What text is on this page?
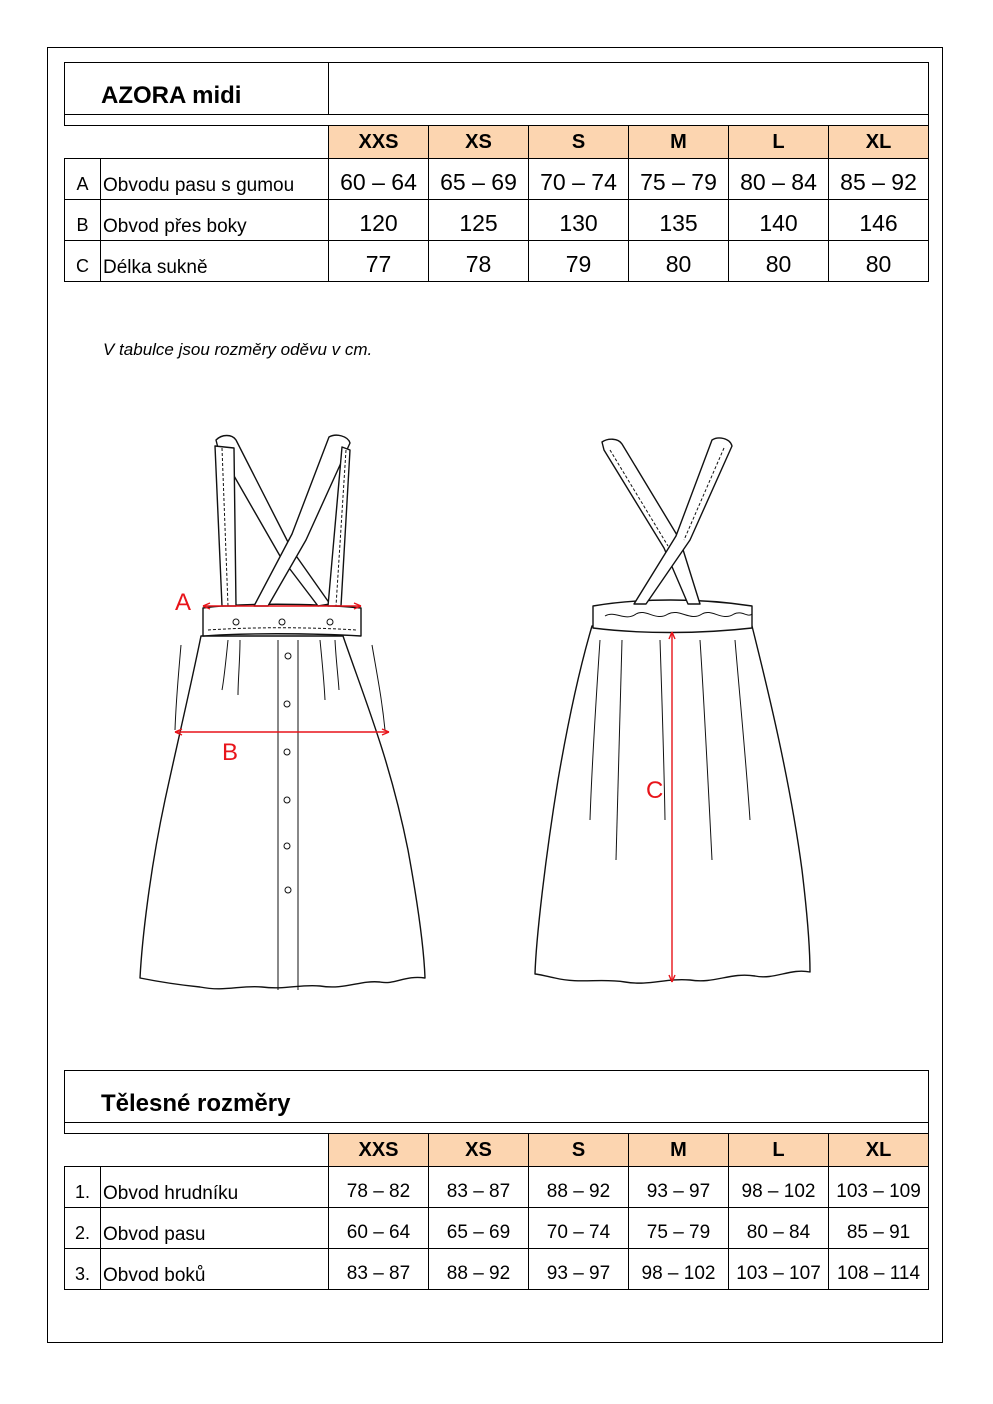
AZORA midi							

		XXS	XS	S	M	L	XL
A	Obvodu pasu s gumou	60 – 64	65 – 69	70 – 74	75 – 79	80 – 84	85 – 92
B	Obvod přes boky	120	125	130	135	140	146
C	Délka sukně	77	78	79	80	80	80
V tabulce jsou rozměry oděvu v cm.
A
B
C
Tělesné rozměry							

		XXS	XS	S	M	L	XL
1.	Obvod hrudníku	78 – 82	83 – 87	88 – 92	93 – 97	98 – 102	103 – 109
2.	Obvod pasu	60 – 64	65 – 69	70 – 74	75 – 79	80 – 84	85 – 91
3.	Obvod boků	83 – 87	88 – 92	93 – 97	98 – 102	103 – 107	108 – 114
